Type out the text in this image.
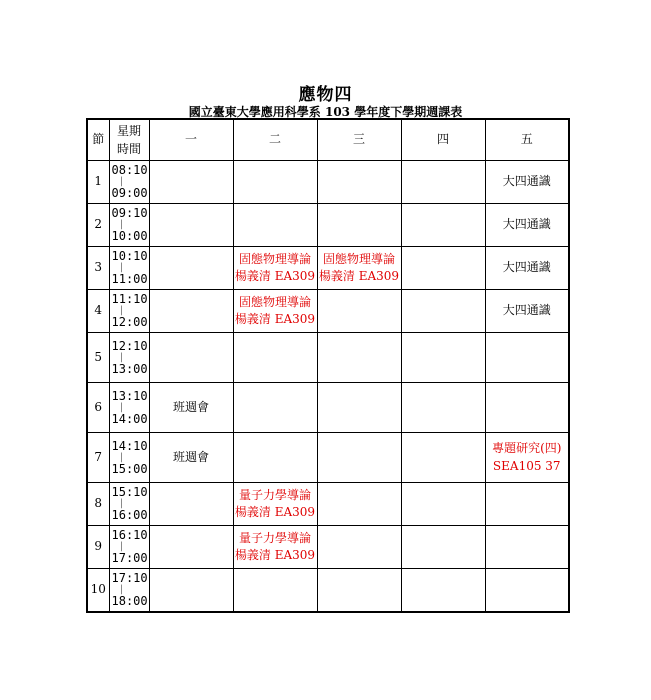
應物四
國立臺東大學應用科學系 103 學年度下學期週課表
節	星期
時間	一	二	三	四	五
1	08:10
|
09:00					大四通識

2	09:10
|
10:00					大四通識

3	10:10
|
11:00		固態物理導論
楊義清 EA309	固態物理導論
楊義清 EA309		大四通識

4	11:10
|
12:00		固態物理導論
楊義清 EA309			大四通識

5	12:10
|
13:00					

6	13:10
|
14:00	班週會				

7	14:10
|
15:00	班週會				專題研究(四)
SEA105 37

8	15:10
|
16:00		量子力學導論
楊義清 EA309			

9	16:10
|
17:00		量子力學導論
楊義清 EA309			

10	17:10
|
18:00					
